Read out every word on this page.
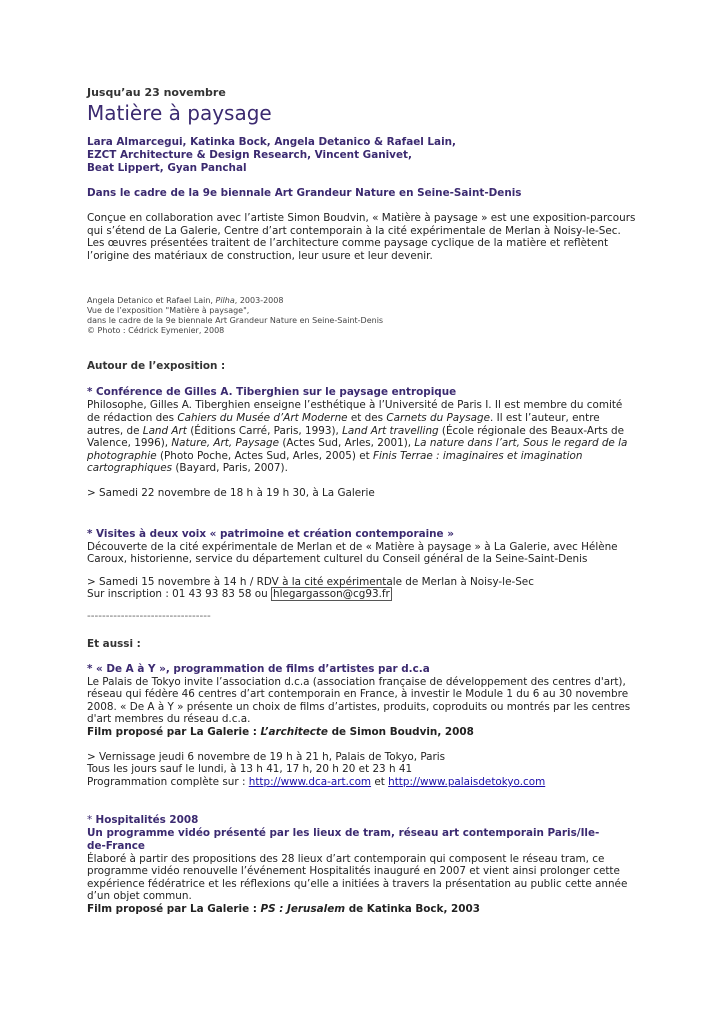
Jusqu’au 23 novembre
Matière à paysage
Lara Almarcegui, Katinka Bock, Angela Detanico & Rafael Lain,
EZCT Architecture & Design Research, Vincent Ganivet,
Beat Lippert, Gyan Panchal
Dans le cadre de la 9e biennale Art Grandeur Nature en Seine-Saint-Denis
Conçue en collaboration avec l’artiste Simon Boudvin, « Matière à paysage » est une exposition-parcours
qui s’étend de La Galerie, Centre d’art contemporain à la cité expérimentale de Merlan à Noisy-le-Sec.
Les œuvres présentées traitent de l’architecture comme paysage cyclique de la matière et reflètent
l’origine des matériaux de construction, leur usure et leur devenir.
Angela Detanico et Rafael Lain, Pilha, 2003-2008
Vue de l’exposition "Matière à paysage",
dans le cadre de la 9e biennale Art Grandeur Nature en Seine-Saint-Denis
© Photo : Cédrick Eymenier, 2008
Autour de l’exposition :
* Conférence de Gilles A. Tiberghien sur le paysage entropique
Philosophe, Gilles A. Tiberghien enseigne l’esthétique à l’Université de Paris I. Il est membre du comité
de rédaction des Cahiers du Musée d’Art Moderne et des Carnets du Paysage. Il est l’auteur, entre
autres, de Land Art (Éditions Carré, Paris, 1993), Land Art travelling (École régionale des Beaux-Arts de
Valence, 1996), Nature, Art, Paysage (Actes Sud, Arles, 2001), La nature dans l’art, Sous le regard de la
photographie (Photo Poche, Actes Sud, Arles, 2005) et Finis Terrae : imaginaires et imagination
cartographiques (Bayard, Paris, 2007).
> Samedi 22 novembre de 18 h à 19 h 30, à La Galerie
* Visites à deux voix « patrimoine et création contemporaine »
Découverte de la cité expérimentale de Merlan et de « Matière à paysage » à La Galerie, avec Hélène
Caroux, historienne, service du département culturel du Conseil général de la Seine-Saint-Denis
> Samedi 15 novembre à 14 h / RDV à la cité expérimentale de Merlan à Noisy-le-Sec
Sur inscription : 01 43 93 83 58 ou hlegargasson@cg93.fr
---------------------------------
Et aussi :
* « De A à Y », programmation de films d’artistes par d.c.a
Le Palais de Tokyo invite l’association d.c.a (association française de développement des centres d'art),
réseau qui fédère 46 centres d’art contemporain en France, à investir le Module 1 du 6 au 30 novembre
2008. « De A à Y » présente un choix de films d’artistes, produits, coproduits ou montrés par les centres
d'art membres du réseau d.c.a.
Film proposé par La Galerie : L’architecte de Simon Boudvin, 2008
> Vernissage jeudi 6 novembre de 19 h à 21 h, Palais de Tokyo, Paris
Tous les jours sauf le lundi, à 13 h 41, 17 h, 20 h 20 et 23 h 41
Programmation complète sur : http://www.dca-art.com et http://www.palaisdetokyo.com
* Hospitalités 2008
Un programme vidéo présenté par les lieux de tram, réseau art contemporain Paris/Ile-
de-France
Élaboré à partir des propositions des 28 lieux d’art contemporain qui composent le réseau tram, ce
programme vidéo renouvelle l’événement Hospitalités inauguré en 2007 et vient ainsi prolonger cette
expérience fédératrice et les réflexions qu’elle a initiées à travers la présentation au public cette année
d’un objet commun.
Film proposé par La Galerie : PS : Jerusalem de Katinka Bock, 2003
